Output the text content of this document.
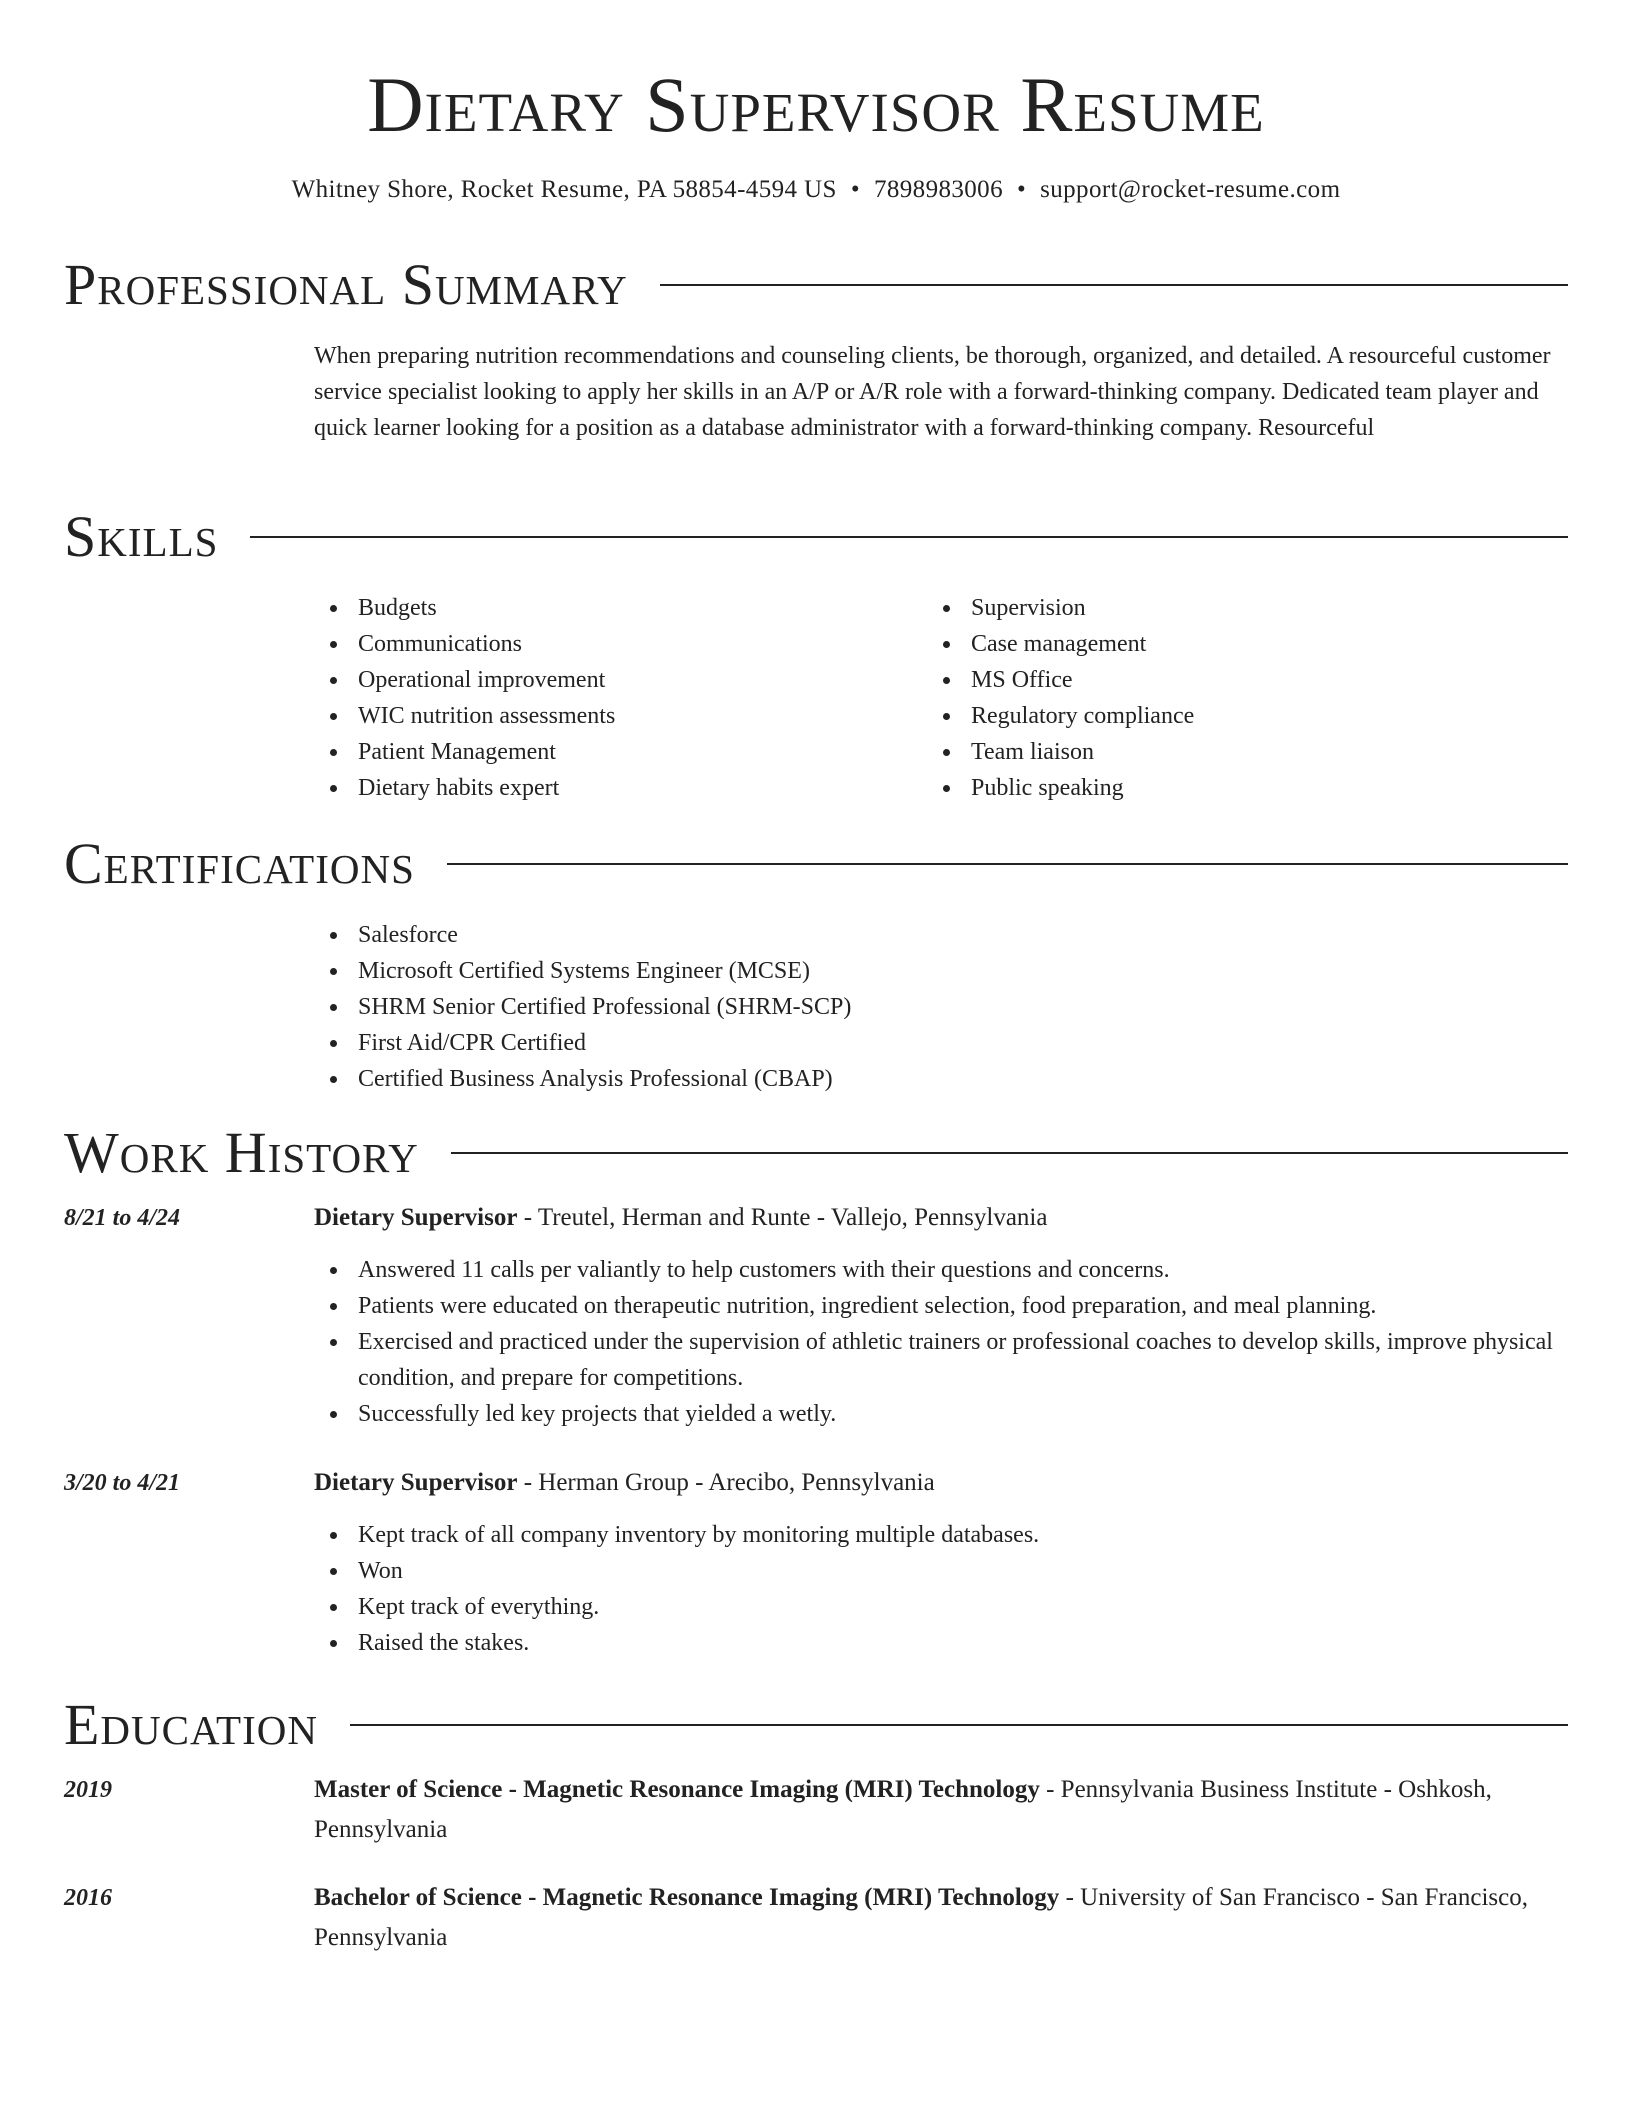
Dietary Supervisor Resume
Whitney Shore, Rocket Resume, PA 58854-4594 US • 7898983006 • support@rocket-resume.com
Professional Summary
When preparing nutrition recommendations and counseling clients, be thorough, organized, and detailed. A resourceful customer service specialist looking to apply her skills in an A/P or A/R role with a forward-thinking company. Dedicated team player and quick learner looking for a position as a database administrator with a forward-thinking company. Resourceful
Skills
Budgets
Communications
Operational improvement
WIC nutrition assessments
Patient Management
Dietary habits expert
Supervision
Case management
MS Office
Regulatory compliance
Team liaison
Public speaking
Certifications
Salesforce
Microsoft Certified Systems Engineer (MCSE)
SHRM Senior Certified Professional (SHRM-SCP)
First Aid/CPR Certified
Certified Business Analysis Professional (CBAP)
Work History
8/21 to 4/24	Dietary Supervisor - Treutel, Herman and Runte - Vallejo, Pennsylvania
Answered 11 calls per valiantly to help customers with their questions and concerns.
Patients were educated on therapeutic nutrition, ingredient selection, food preparation, and meal planning.
Exercised and practiced under the supervision of athletic trainers or professional coaches to develop skills, improve physical condition, and prepare for competitions.
Successfully led key projects that yielded a wetly.
3/20 to 4/21	Dietary Supervisor - Herman Group - Arecibo, Pennsylvania
Kept track of all company inventory by monitoring multiple databases.
Won
Kept track of everything.
Raised the stakes.
Education
2019	Master of Science - Magnetic Resonance Imaging (MRI) Technology - Pennsylvania Business Institute - Oshkosh, Pennsylvania
2016	Bachelor of Science - Magnetic Resonance Imaging (MRI) Technology - University of San Francisco - San Francisco, Pennsylvania
